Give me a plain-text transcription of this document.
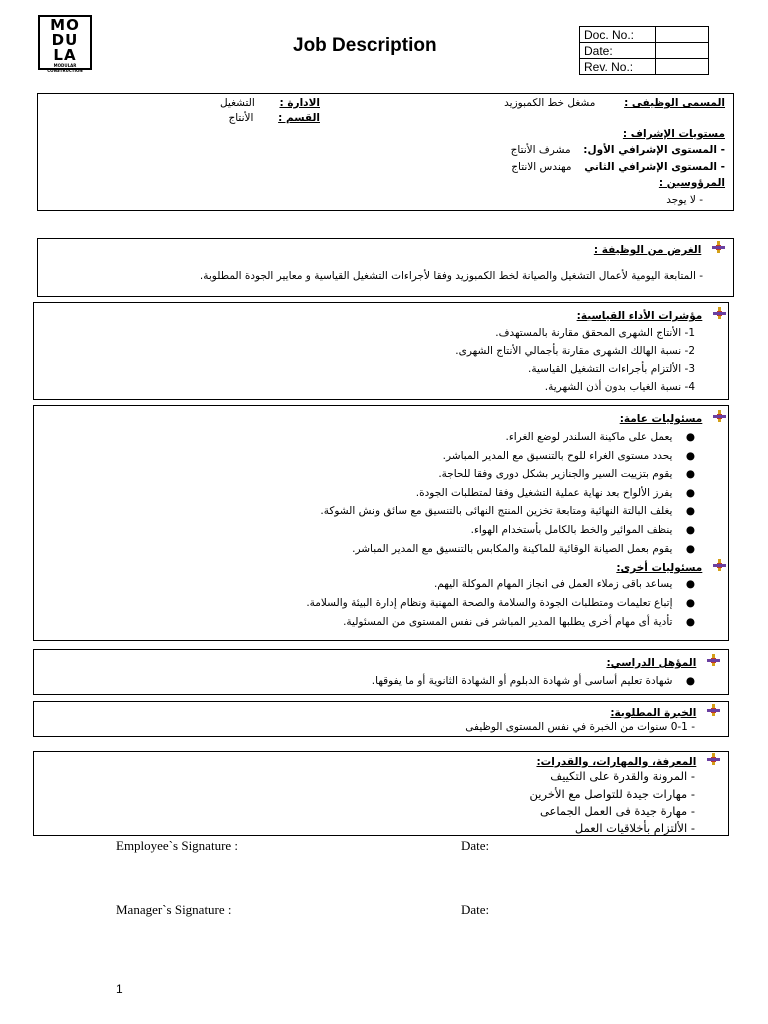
MO
DU
LA
MODULAR CONSTRUCTION
Job Description
Doc. No.:	
Date:	
Rev. No.:	
المسمى الوظيفى :  مشغل خط الكمبوزيد
الادارة :  التشغيل
القسم :  الأنتاج
مستويات الإشراف :
- المستوى الإشرافي الأول:  مشرف الأنتاج
- المستوى الإشرافي الثاني  مهندس الانتاج
المرؤوسين :
- لا يوجد
الغرض من الوظيفة :
- المتابعة اليومية لأعمال التشغيل والصيانة لخط الكمبوزيد وفقا لأجراءات التشغيل القياسية و معايير الجودة المطلوبة.
مؤشرات الأداء القياسية:
1- الأنتاج الشهرى المحقق مقارنة بالمستهدف.
2- نسبة الهالك الشهرى مقارنة بأجمالي الأنتاج الشهرى.
3- الألتزام بأجراءات التشغيل القياسية.
4- نسبة الغياب بدون أذن الشهرية.
مسئوليات عامة:
●    يعمل على ماكينة السلندر لوضع الغراء.
●    يحدد مستوى الغراء للوح بالتنسيق مع المدير المباشر.
●    يقوم بتزييت السير والجنازير بشكل دورى وفقا للحاجة.
●    يفرز الألواح بعد نهاية عملية التشغيل وفقا لمتطلبات الجودة.
●    يغلف البالتة النهائية ومتابعة تخزين المنتج النهائى بالتنسيق مع سائق ونش الشوكة.
●    ينظف الموائير والخط بالكامل بأستخدام الهواء.
●    يقوم بعمل الصيانة الوقائية للماكينة والمكابس بالتنسيق مع المدير المباشر.
مسئوليات أخرى:
●    يساعد باقى زملاء العمل فى انجاز المهام الموكلة اليهم.
●    إتباع تعليمات ومتطلبات الجودة والسلامة والصحة المهنية ونظام إدارة البيئة والسلامة.
●    تأدية أى مهام أخرى يطلبها المدير المباشر فى نفس المستوى من المسئولية.
المؤهل الدراسي:
●    شهادة تعليم أساسى أو شهادة الدبلوم أو الشهادة الثانوية أو ما يفوقها.
الخبرة المطلوبة:
- 0-1 سنوات من الخبرة في نفس المستوى الوظيفى
المعرفة، والمهارات، والقدرات:
- المرونة والقدرة على التكييف
- مهارات جيدة للتواصل مع الأخرين
- مهارة جيدة فى العمل الجماعى
- الألتزام بأخلاقيات العمل
Employee`s Signature :	Date:
Manager`s Signature :	Date:
1
